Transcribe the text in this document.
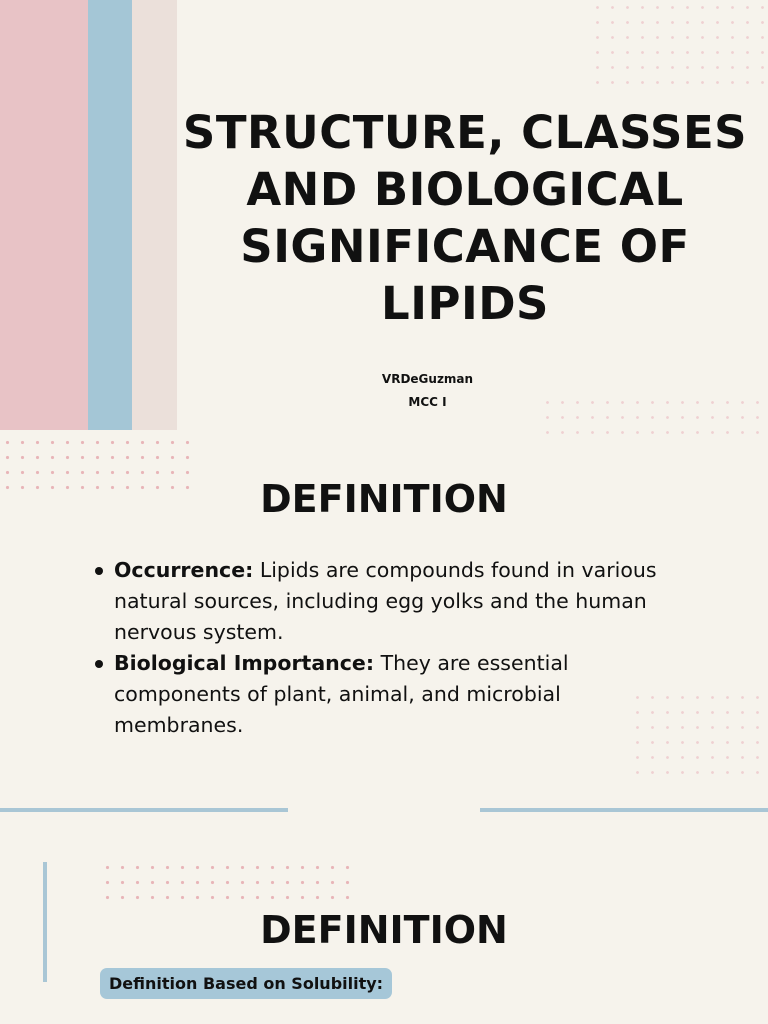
STRUCTURE, CLASSES AND BIOLOGICAL SIGNIFICANCE OF LIPIDS
VRDeGuzman
MCC I
DEFINITION
Occurrence: Lipids are compounds found in various natural sources, including egg yolks and the human nervous system.
Biological Importance: They are essential components of plant, animal, and microbial membranes.
DEFINITION
Definition Based on Solubility:
